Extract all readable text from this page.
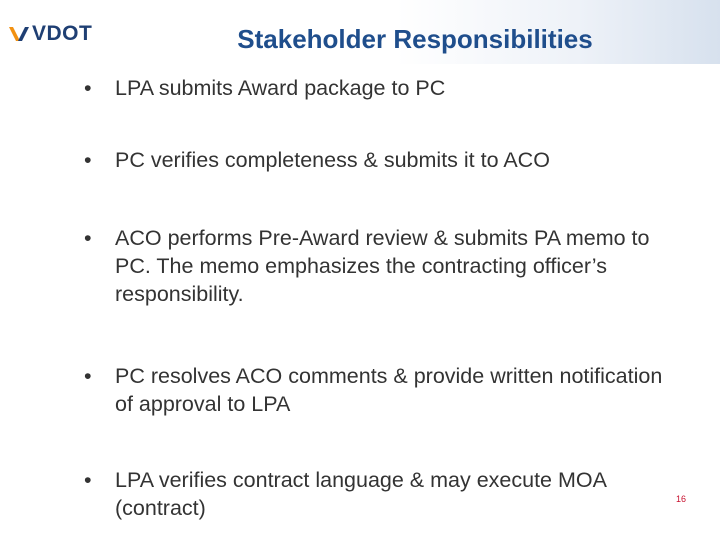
VDOT	Stakeholder Responsibilities
•	LPA submits Award package to PC
•	PC verifies completeness & submits it to ACO
•	ACO performs Pre-Award review & submits PA memo to PC. The memo emphasizes the contracting officer’s responsibility.
•	PC resolves ACO comments & provide written notification of approval to LPA
•	LPA verifies contract language & may execute MOA (contract)	16
